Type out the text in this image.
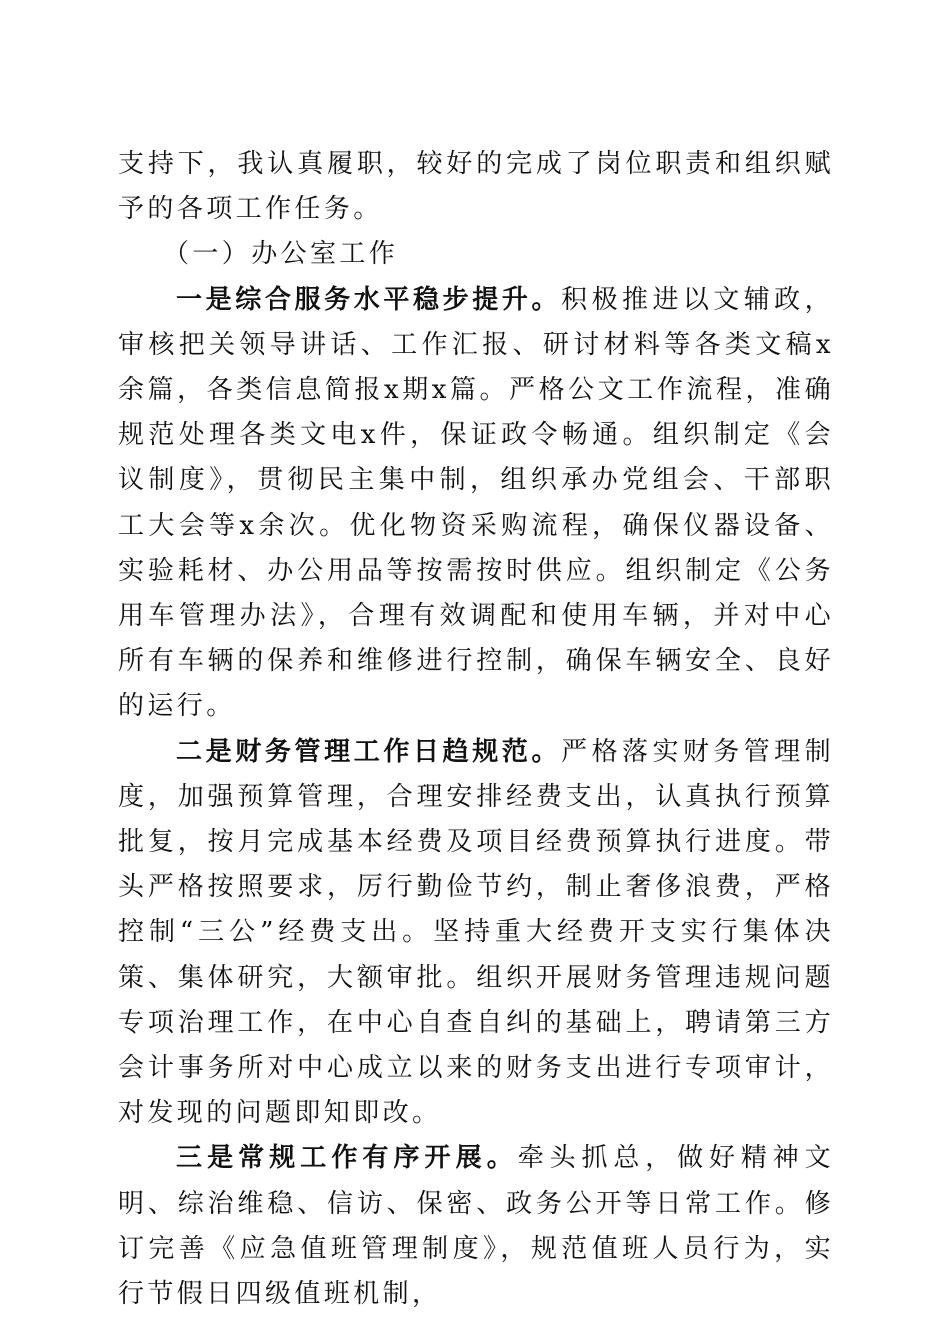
支持下，我认真履职，较好的完成了岗位职责和组织赋予的各项工作任务。

（一）办公室工作

一是综合服务水平稳步提升。积极推进以文辅政，审核把关领导讲话、工作汇报、研讨材料等各类文稿x余篇，各类信息简报x期x篇。严格公文工作流程，准确规范处理各类文电x件，保证政令畅通。组织制定《会议制度》，贯彻民主集中制，组织承办党组会、干部职工大会等x余次。优化物资采购流程，确保仪器设备、实验耗材、办公用品等按需按时供应。组织制定《公务用车管理办法》，合理有效调配和使用车辆，并对中心所有车辆的保养和维修进行控制，确保车辆安全、良好的运行。

二是财务管理工作日趋规范。严格落实财务管理制度，加强预算管理，合理安排经费支出，认真执行预算批复，按月完成基本经费及项目经费预算执行进度。带头严格按照要求，厉行勤俭节约，制止奢侈浪费，严格控制“三公”经费支出。坚持重大经费开支实行集体决策、集体研究，大额审批。组织开展财务管理违规问题专项治理工作，在中心自查自纠的基础上，聘请第三方会计事务所对中心成立以来的财务支出进行专项审计，对发现的问题即知即改。

三是常规工作有序开展。牵头抓总，做好精神文明、综治维稳、信访、保密、政务公开等日常工作。修订完善《应急值班管理制度》，规范值班人员行为，实行节假日四级值班机制，
